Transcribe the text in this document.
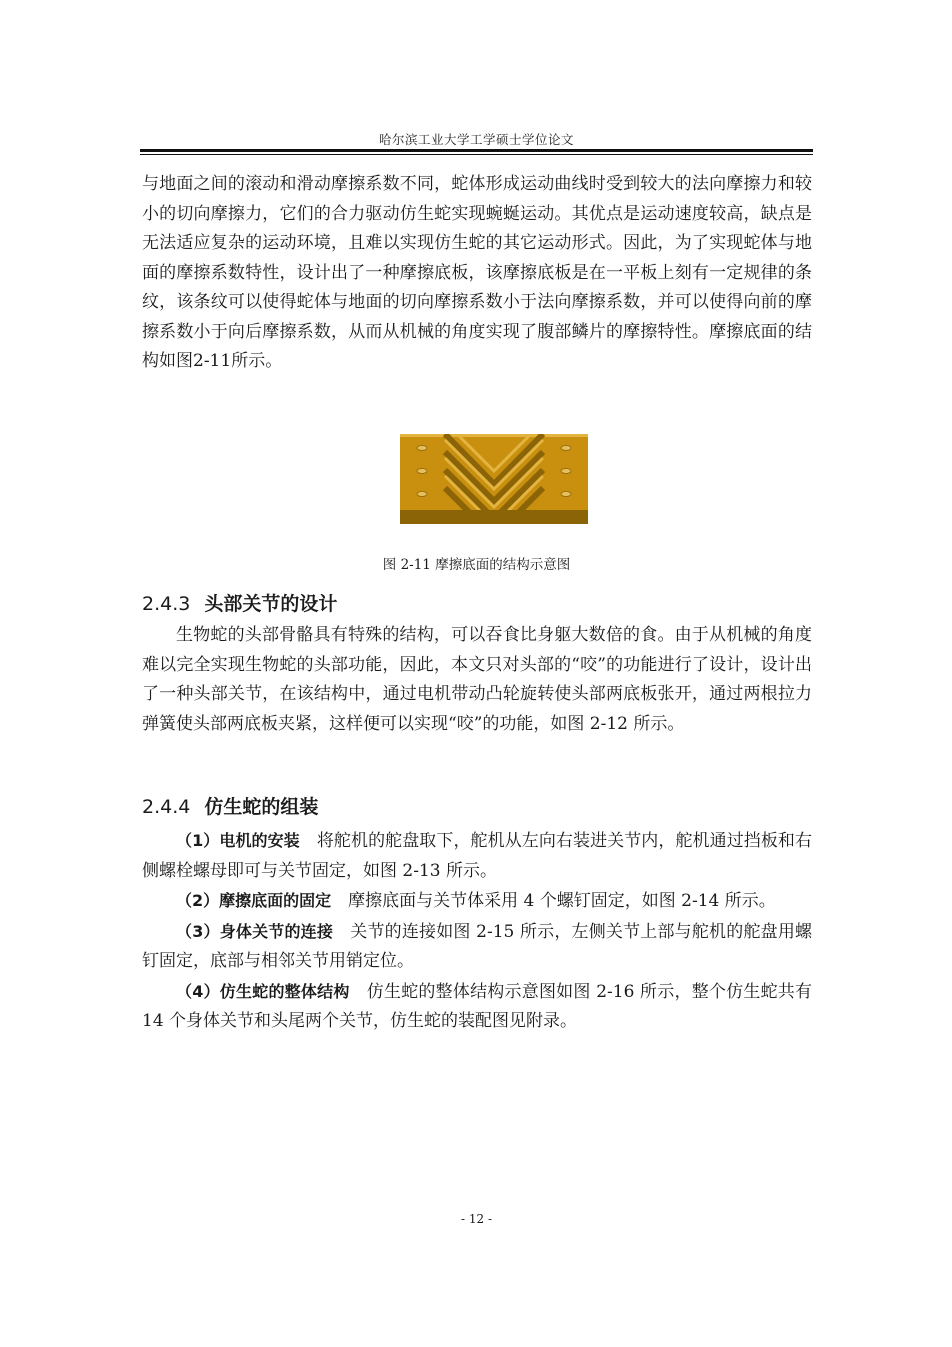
哈尔滨工业大学工学硕士学位论文

与地面之间的滚动和滑动摩擦系数不同，蛇体形成运动曲线时受到较大的法向摩擦力和较小的切向摩擦力，它们的合力驱动仿生蛇实现蜿蜒运动。其优点是运动速度较高，缺点是无法适应复杂的运动环境，且难以实现仿生蛇的其它运动形式。因此，为了实现蛇体与地面的摩擦系数特性，设计出了一种摩擦底板，该摩擦底板是在一平板上刻有一定规律的条纹，该条纹可以使得蛇体与地面的切向摩擦系数小于法向摩擦系数，并可以使得向前的摩擦系数小于向后摩擦系数，从而从机械的角度实现了腹部鳞片的摩擦特性。摩擦底面的结构如图2-11所示。

图 2-11 摩擦底面的结构示意图
2.4.3 头部关节的设计

生物蛇的头部骨骼具有特殊的结构，可以吞食比身躯大数倍的食。由于从机械的角度难以完全实现生物蛇的头部功能，因此，本文只对头部的“咬”的功能进行了设计，设计出了一种头部关节，在该结构中，通过电机带动凸轮旋转使头部两底板张开，通过两根拉力弹簧使头部两底板夹紧，这样便可以实现“咬”的功能，如图 2-12 所示。

2.4.4 仿生蛇的组装

（1）电机的安装　 将舵机的舵盘取下，舵机从左向右装进关节内，舵机通过挡板和右侧螺栓螺母即可与关节固定，如图 2-13 所示。

（2）摩擦底面的固定　 摩擦底面与关节体采用 4 个螺钉固定，如图 2-14 所示。

（3）身体关节的连接　 关节的连接如图 2-15 所示，左侧关节上部与舵机的舵盘用螺钉固定，底部与相邻关节用销定位。

（4）仿生蛇的整体结构　 仿生蛇的整体结构示意图如图 2-16 所示，整个仿生蛇共有 14 个身体关节和头尾两个关节，仿生蛇的装配图见附录。

- 12 -
